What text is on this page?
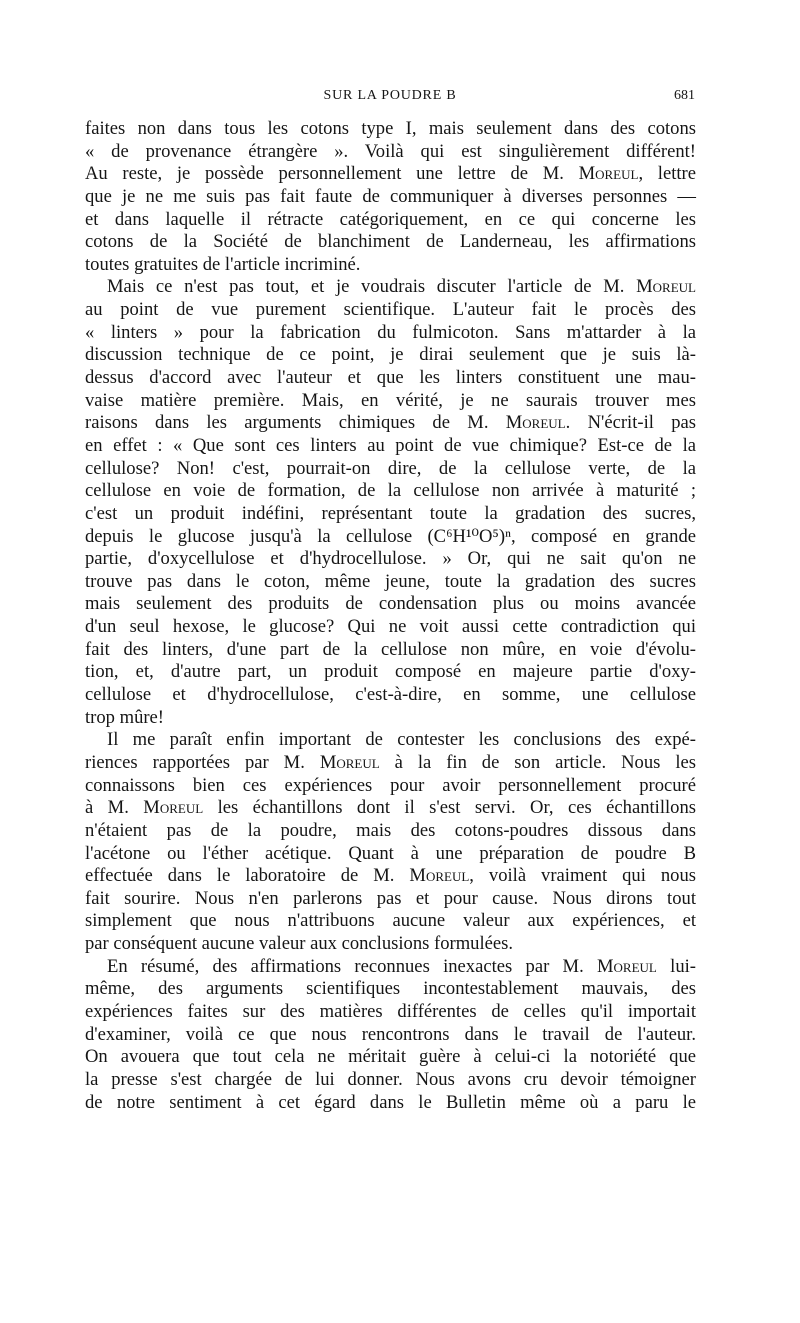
SUR LA POUDRE B	681
faites non dans tous les cotons type I, mais seulement dans des cotons
« de provenance étrangère ». Voilà qui est singulièrement différent!
Au reste, je possède personnellement une lettre de M. Moreul, lettre
que je ne me suis pas fait faute de communiquer à diverses personnes —
et dans laquelle il rétracte catégoriquement, en ce qui concerne les
cotons de la Société de blanchiment de Landerneau, les affirmations
toutes gratuites de l'article incriminé.
Mais ce n'est pas tout, et je voudrais discuter l'article de M. Moreul
au point de vue purement scientifique. L'auteur fait le procès des
« linters » pour la fabrication du fulmicoton. Sans m'attarder à la
discussion technique de ce point, je dirai seulement que je suis là-
dessus d'accord avec l'auteur et que les linters constituent une mau-
vaise matière première. Mais, en vérité, je ne saurais trouver mes
raisons dans les arguments chimiques de M. Moreul. N'écrit-il pas
en effet : « Que sont ces linters au point de vue chimique? Est-ce de la
cellulose? Non! c'est, pourrait-on dire, de la cellulose verte, de la
cellulose en voie de formation, de la cellulose non arrivée à maturité ;
c'est un produit indéfini, représentant toute la gradation des sucres,
depuis le glucose jusqu'à la cellulose (C⁶H¹⁰O⁵)ⁿ, composé en grande
partie, d'oxycellulose et d'hydrocellulose. » Or, qui ne sait qu'on ne
trouve pas dans le coton, même jeune, toute la gradation des sucres
mais seulement des produits de condensation plus ou moins avancée
d'un seul hexose, le glucose? Qui ne voit aussi cette contradiction qui
fait des linters, d'une part de la cellulose non mûre, en voie d'évolu-
tion, et, d'autre part, un produit composé en majeure partie d'oxy-
cellulose et d'hydrocellulose, c'est-à-dire, en somme, une cellulose
trop mûre!
Il me paraît enfin important de contester les conclusions des expé-
riences rapportées par M. Moreul à la fin de son article. Nous les
connaissons bien ces expériences pour avoir personnellement procuré
à M. Moreul les échantillons dont il s'est servi. Or, ces échantillons
n'étaient pas de la poudre, mais des cotons-poudres dissous dans
l'acétone ou l'éther acétique. Quant à une préparation de poudre B
effectuée dans le laboratoire de M. Moreul, voilà vraiment qui nous
fait sourire. Nous n'en parlerons pas et pour cause. Nous dirons tout
simplement que nous n'attribuons aucune valeur aux expériences, et
par conséquent aucune valeur aux conclusions formulées.
En résumé, des affirmations reconnues inexactes par M. Moreul lui-
même, des arguments scientifiques incontestablement mauvais, des
expériences faites sur des matières différentes de celles qu'il importait
d'examiner, voilà ce que nous rencontrons dans le travail de l'auteur.
On avouera que tout cela ne méritait guère à celui-ci la notoriété que
la presse s'est chargée de lui donner. Nous avons cru devoir témoigner
de notre sentiment à cet égard dans le Bulletin même où a paru le
